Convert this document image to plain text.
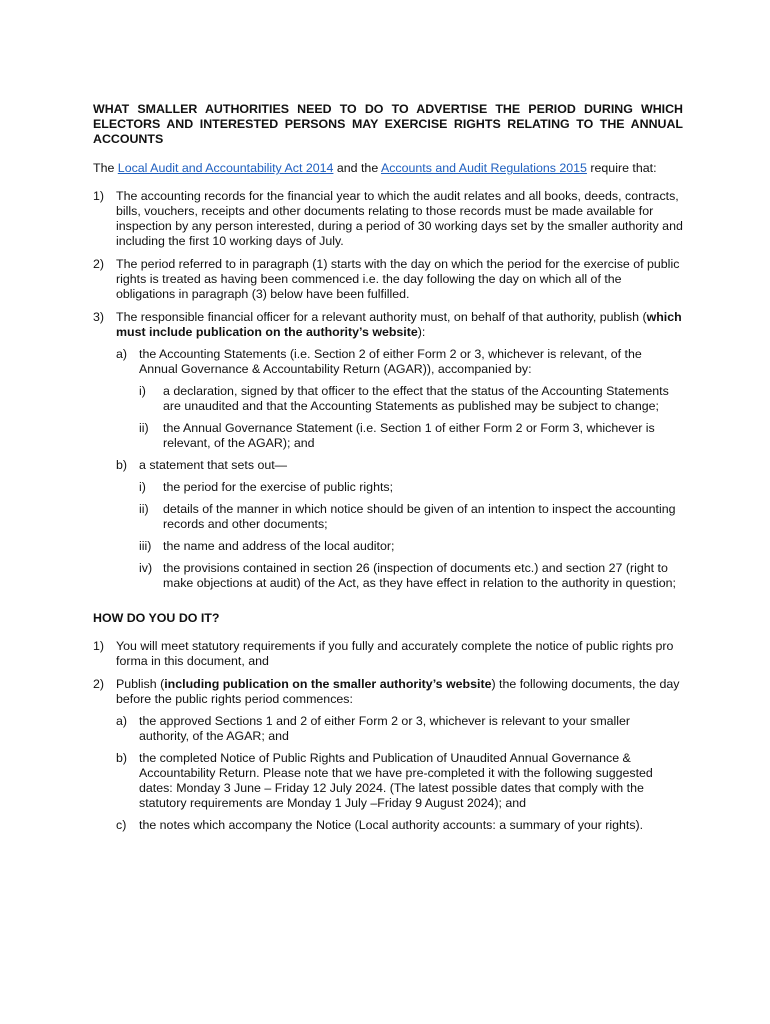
WHAT SMALLER AUTHORITIES NEED TO DO TO ADVERTISE THE PERIOD DURING WHICH ELECTORS AND INTERESTED PERSONS MAY EXERCISE RIGHTS RELATING TO THE ANNUAL ACCOUNTS

The Local Audit and Accountability Act 2014 and the Accounts and Audit Regulations 2015 require that:

1) The accounting records for the financial year to which the audit relates and all books, deeds, contracts, bills, vouchers, receipts and other documents relating to those records must be made available for inspection by any person interested, during a period of 30 working days set by the smaller authority and including the first 10 working days of July.
2) The period referred to in paragraph (1) starts with the day on which the period for the exercise of public rights is treated as having been commenced i.e. the day following the day on which all of the obligations in paragraph (3) below have been fulfilled.
3) The responsible financial officer for a relevant authority must, on behalf of that authority, publish (which must include publication on the authority’s website):
a) the Accounting Statements (i.e. Section 2 of either Form 2 or 3, whichever is relevant, of the Annual Governance & Accountability Return (AGAR)), accompanied by:
i)	a declaration, signed by that officer to the effect that the status of the Accounting Statements are unaudited and that the Accounting Statements as published may be subject to change;
ii)	the Annual Governance Statement (i.e. Section 1 of either Form 2 or Form 3, whichever is relevant, of the AGAR); and
b) a statement that sets out—
i)	the period for the exercise of public rights;
ii)	details of the manner in which notice should be given of an intention to inspect the accounting records and other documents;
iii) the name and address of the local auditor;
iv) the provisions contained in section 26 (inspection of documents etc.) and section 27 (right to make objections at audit) of the Act, as they have effect in relation to the authority in question;

HOW DO YOU DO IT?

1) You will meet statutory requirements if you fully and accurately complete the notice of public rights pro forma in this document, and
2) Publish (including publication on the smaller authority’s website) the following documents, the day before the public rights period commences:
a) the approved Sections 1 and 2 of either Form 2 or 3, whichever is relevant to your smaller authority, of the AGAR; and
b) the completed Notice of Public Rights and Publication of Unaudited Annual Governance & Accountability Return. Please note that we have pre-completed it with the following suggested dates: Monday 3 June – Friday 12 July 2024. (The latest possible dates that comply with the statutory requirements are Monday 1 July –Friday 9 August 2024); and
c)	the notes which accompany the Notice (Local authority accounts: a summary of your rights).
